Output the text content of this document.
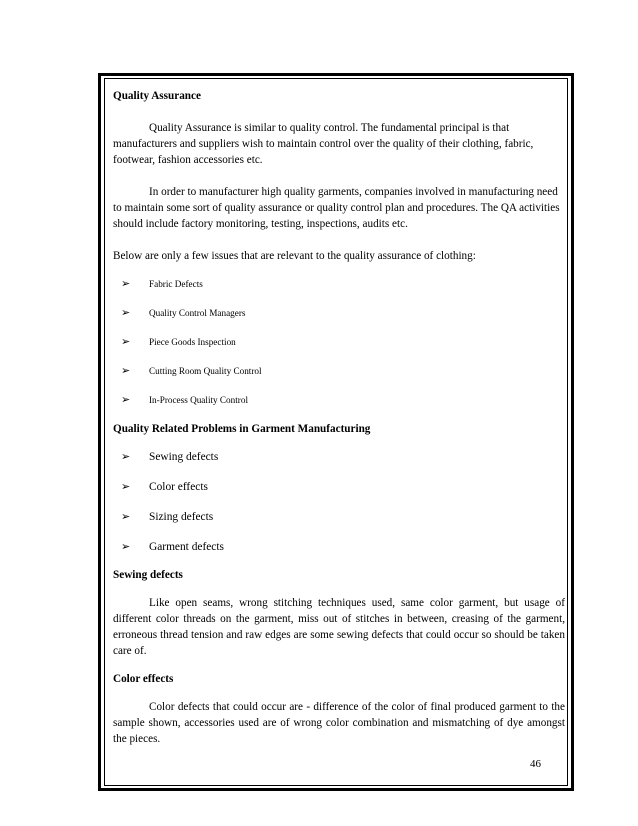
Quality Assurance

Quality Assurance is similar to quality control. The fundamental principal is that manufacturers and suppliers wish to maintain control over the quality of their clothing, fabric, footwear, fashion accessories etc.

In order to manufacturer high quality garments, companies involved in manufacturing need to maintain some sort of quality assurance or quality control plan and procedures. The QA activities should include factory monitoring, testing, inspections, audits etc.

Below are only a few issues that are relevant to the quality assurance of clothing:

➢ Fabric Defects
➢ Quality Control Managers
➢ Piece Goods Inspection
➢ Cutting Room Quality Control
➢ In-Process Quality Control

Quality Related Problems in Garment Manufacturing

➢ Sewing defects
➢ Color effects
➢ Sizing defects
➢ Garment defects

Sewing defects

Like open seams, wrong stitching techniques used, same color garment, but usage of different color threads on the garment, miss out of stitches in between, creasing of the garment, erroneous thread tension and raw edges are some sewing defects that could occur so should be taken care of.

Color effects

Color defects that could occur are - difference of the color of final produced garment to the sample shown, accessories used are of wrong color combination and mismatching of dye amongst the pieces.

46
